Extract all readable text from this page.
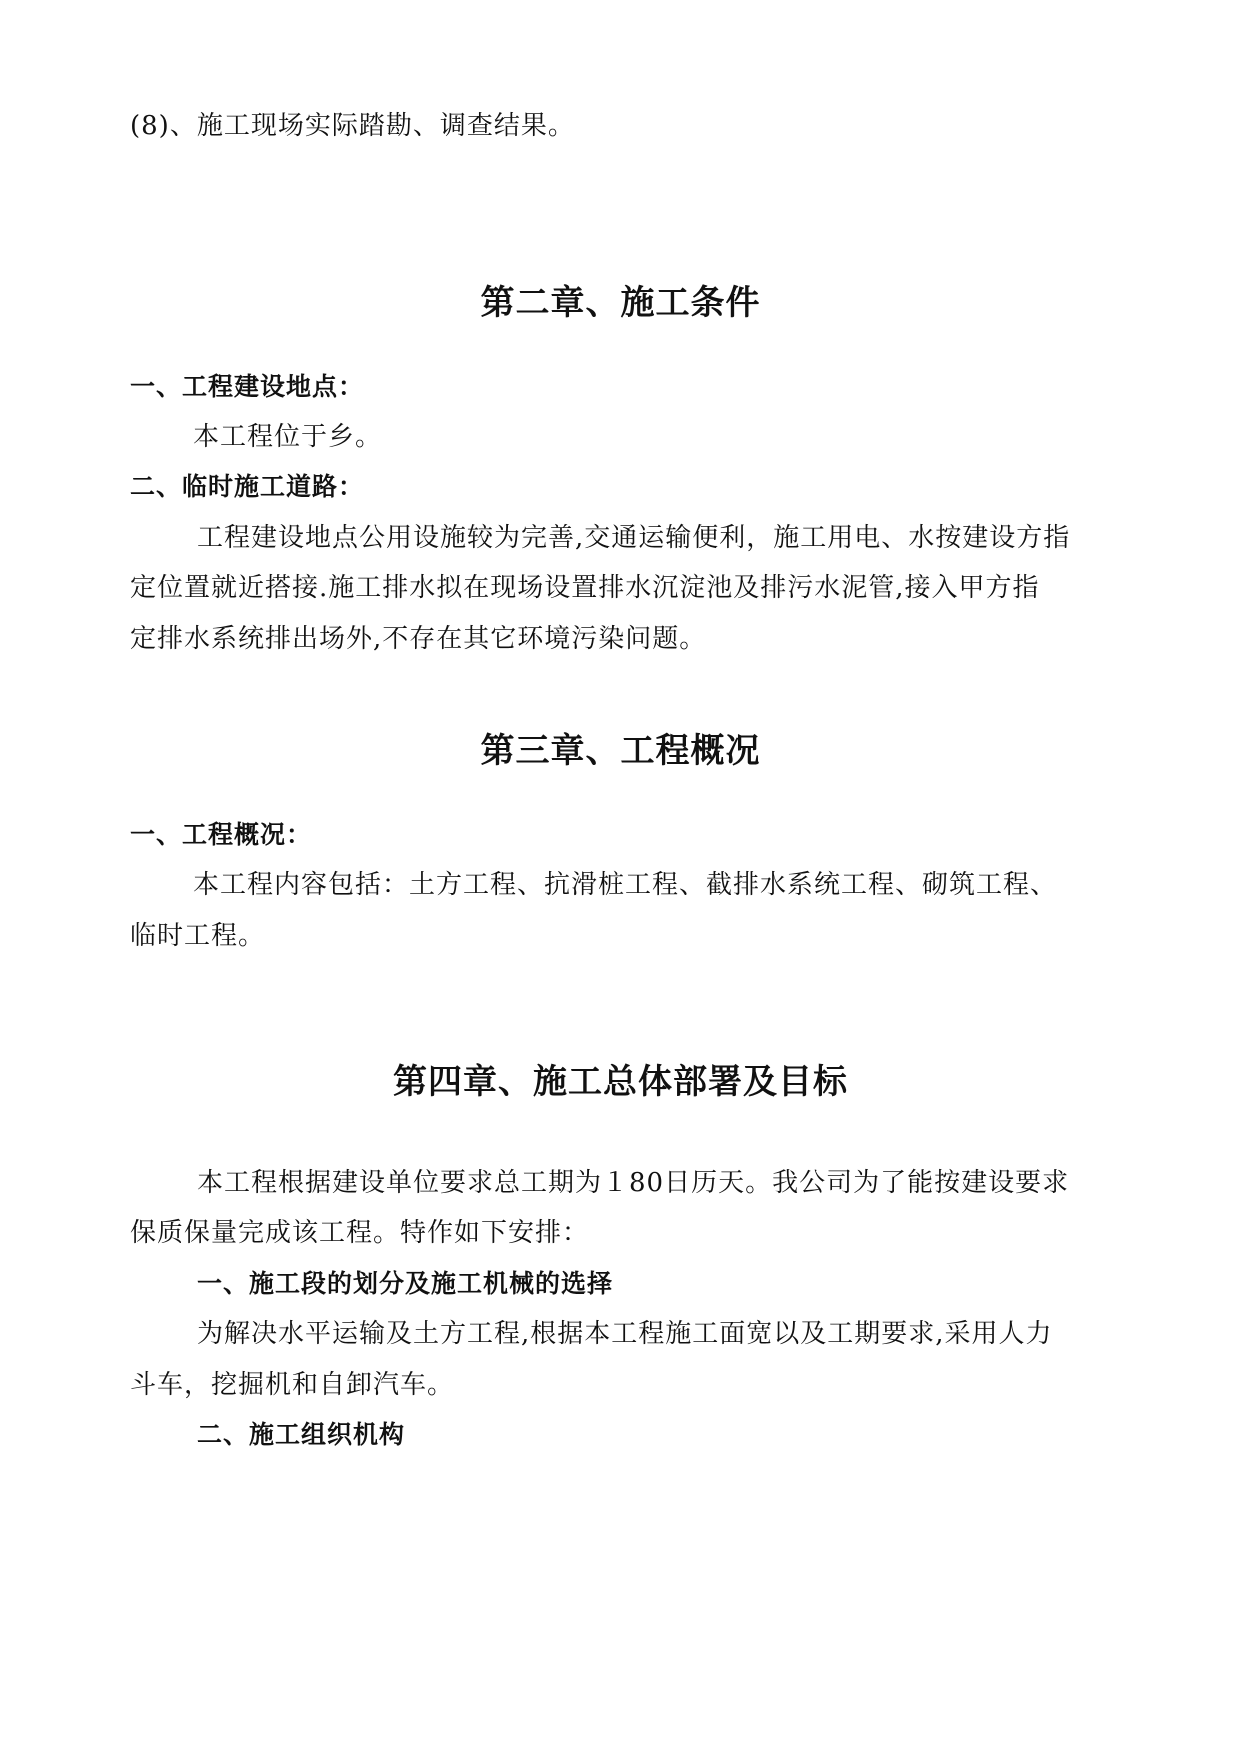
(8)、施工现场实际踏勘、调查结果。
第二章、施工条件
一、工程建设地点：
本工程位于乡。
二、临时施工道路：
工程建设地点公用设施较为完善,交通运输便利，施工用电、水按建设方指
定位置就近搭接.施工排水拟在现场设置排水沉淀池及排污水泥管,接入甲方指
定排水系统排出场外,不存在其它环境污染问题。
第三章、工程概况
一、工程概况：
本工程内容包括：土方工程、抗滑桩工程、截排水系统工程、砌筑工程、
临时工程。
第四章、施工总体部署及目标
本工程根据建设单位要求总工期为１80日历天。我公司为了能按建设要求
保质保量完成该工程。特作如下安排：
一、施工段的划分及施工机械的选择
为解决水平运输及土方工程,根据本工程施工面宽以及工期要求,采用人力
斗车，挖掘机和自卸汽车。
二、施工组织机构
